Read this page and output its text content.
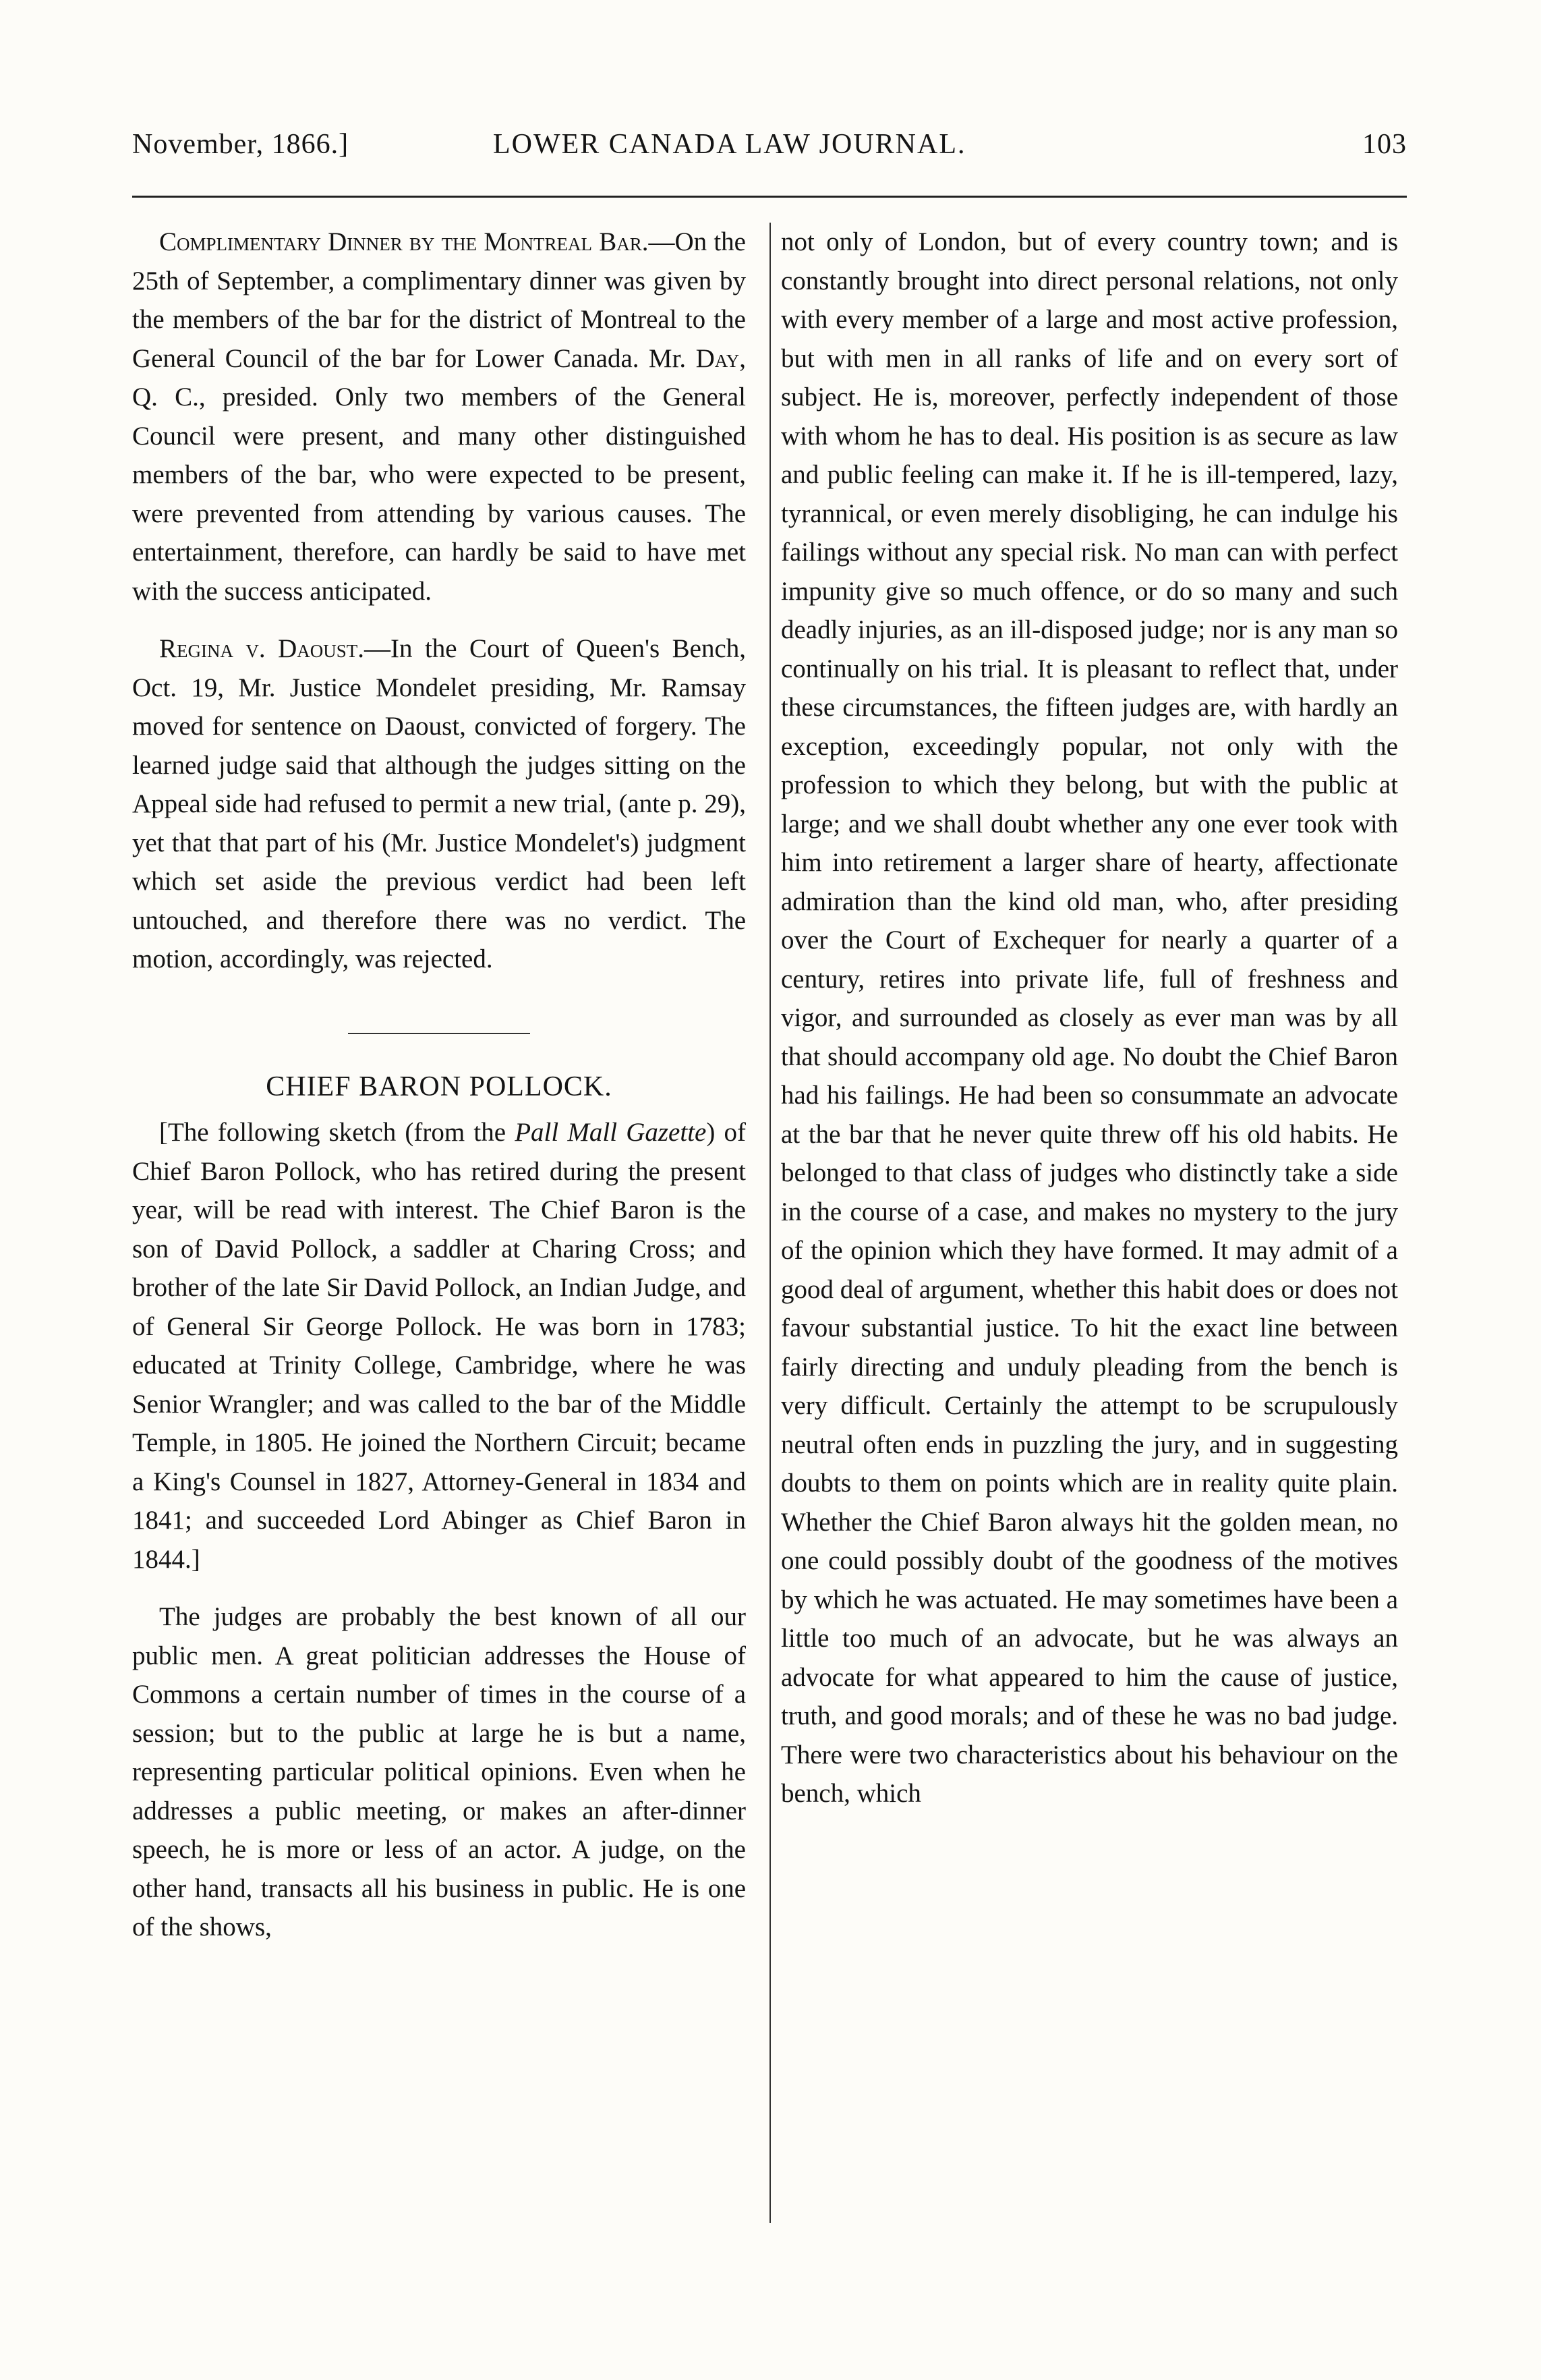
November, 1866.]	LOWER CANADA LAW JOURNAL.	103

Complimentary Dinner by the Montreal Bar.—On the 25th of September, a complimentary dinner was given by the members of the bar for the district of Montreal to the General Council of the bar for Lower Canada. Mr. Day, Q. C., presided. Only two members of the General Council were present, and many other distinguished members of the bar, who were expected to be present, were prevented from attending by various causes. The entertainment, therefore, can hardly be said to have met with the success anticipated.

Regina v. Daoust.—In the Court of Queen's Bench, Oct. 19, Mr. Justice Mondelet presiding, Mr. Ramsay moved for sentence on Daoust, convicted of forgery. The learned judge said that although the judges sitting on the Appeal side had refused to permit a new trial, (ante p. 29), yet that that part of his (Mr. Justice Mondelet's) judgment which set aside the previous verdict had been left untouched, and therefore there was no verdict. The motion, accordingly, was rejected.

CHIEF BARON POLLOCK.

[The following sketch (from the Pall Mall Gazette) of Chief Baron Pollock, who has retired during the present year, will be read with interest. The Chief Baron is the son of David Pollock, a saddler at Charing Cross; and brother of the late Sir David Pollock, an Indian Judge, and of General Sir George Pollock. He was born in 1783; educated at Trinity College, Cambridge, where he was Senior Wrangler; and was called to the bar of the Middle Temple, in 1805. He joined the Northern Circuit; became a King's Counsel in 1827, Attorney-General in 1834 and 1841; and succeeded Lord Abinger as Chief Baron in 1844.]

The judges are probably the best known of all our public men. A great politician addresses the House of Commons a certain number of times in the course of a session; but to the public at large he is but a name, representing particular political opinions. Even when he addresses a public meeting, or makes an after-dinner speech, he is more or less of an actor. A judge, on the other hand, transacts all his business in public. He is one of the shows,

not only of London, but of every country town; and is constantly brought into direct personal relations, not only with every member of a large and most active profession, but with men in all ranks of life and on every sort of subject. He is, moreover, perfectly independent of those with whom he has to deal. His position is as secure as law and public feeling can make it. If he is ill-tempered, lazy, tyrannical, or even merely disobliging, he can indulge his failings without any special risk. No man can with perfect impunity give so much offence, or do so many and such deadly injuries, as an ill-disposed judge; nor is any man so continually on his trial. It is pleasant to reflect that, under these circumstances, the fifteen judges are, with hardly an exception, exceedingly popular, not only with the profession to which they belong, but with the public at large; and we shall doubt whether any one ever took with him into retirement a larger share of hearty, affectionate admiration than the kind old man, who, after presiding over the Court of Exchequer for nearly a quarter of a century, retires into private life, full of freshness and vigor, and surrounded as closely as ever man was by all that should accompany old age. No doubt the Chief Baron had his failings. He had been so consummate an advocate at the bar that he never quite threw off his old habits. He belonged to that class of judges who distinctly take a side in the course of a case, and makes no mystery to the jury of the opinion which they have formed. It may admit of a good deal of argument, whether this habit does or does not favour substantial justice. To hit the exact line between fairly directing and unduly pleading from the bench is very difficult. Certainly the attempt to be scrupulously neutral often ends in puzzling the jury, and in suggesting doubts to them on points which are in reality quite plain. Whether the Chief Baron always hit the golden mean, no one could possibly doubt of the goodness of the motives by which he was actuated. He may sometimes have been a little too much of an advocate, but he was always an advocate for what appeared to him the cause of justice, truth, and good morals; and of these he was no bad judge. There were two characteristics about his behaviour on the bench, which
